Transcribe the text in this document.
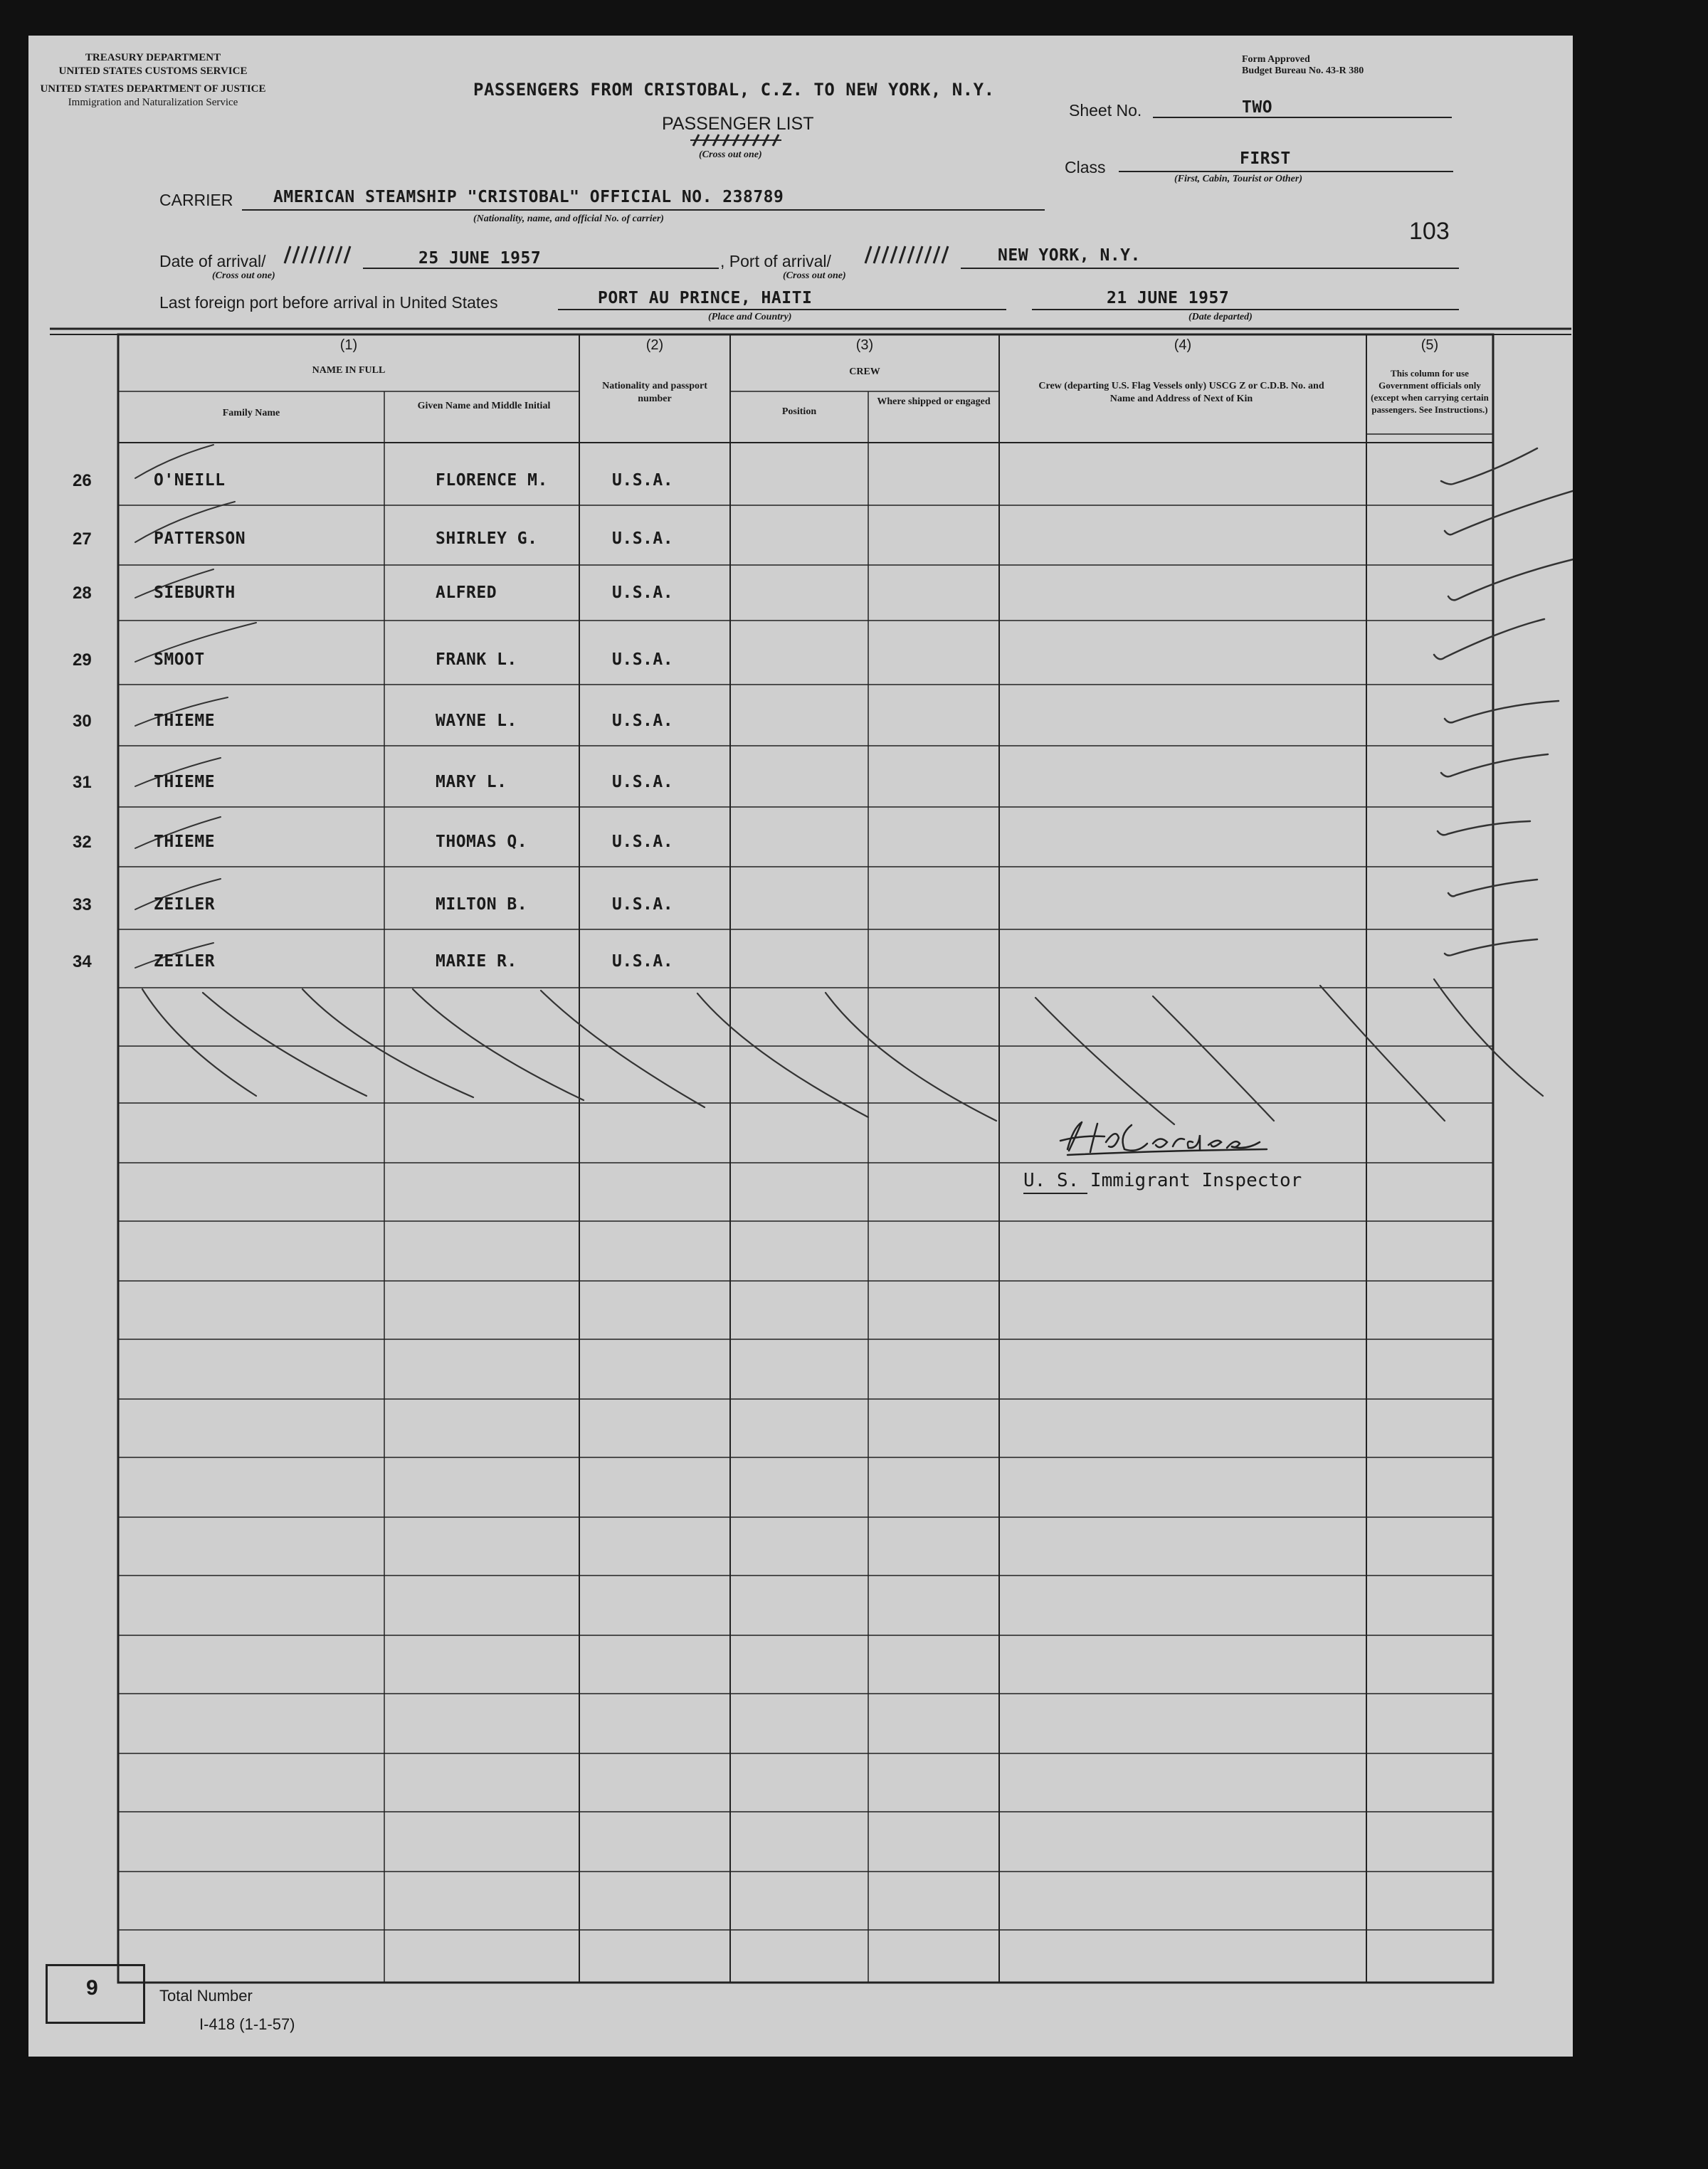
TREASURY DEPARTMENT
UNITED STATES CUSTOMS SERVICE
UNITED STATES DEPARTMENT OF JUSTICE
Immigration and Naturalization Service
PASSENGERS FROM CRISTOBAL, C.Z. TO NEW YORK, N.Y.
Form Approved
Budget Bureau No. 43-R 380
PASSENGER LIST
(Cross out one)
Sheet No.	TWO
Class	FIRST
(First, Cabin, Tourist or Other)
CARRIER AMERICAN STEAMSHIP "CRISTOBAL" OFFICIAL NO. 238789
(Nationality, name, and official No. of carrier)	103
Date of arrival/	25 JUNE 1957
(Cross out one)
, Port of arrival/	NEW YORK, N.Y.
(Cross out one)
Last foreign port before arrival in United States	PORT AU PRINCE, HAITI
(Place and Country)
21 JUNE 1957
(Date departed)
(1)
NAME IN FULL
Family Name
Given Name and Middle Initial
(2)
Nationality and passport number
(3)
CREW
Position
Where shipped or engaged
(4)
Crew (departing U.S. Flag Vessels only) USCG Z or C.D.B. No. and Name and Address of Next of Kin
(5)
This column for use Government officials only (except when carrying certain passengers. See Instructions.)
26	O'NEILL	FLORENCE M.	U.S.A.
27	PATTERSON	SHIRLEY G.	U.S.A.
28	SIEBURTH	ALFRED	U.S.A.
29	SMOOT	FRANK L.	U.S.A.
30	THIEME	WAYNE L.	U.S.A.
31	THIEME	MARY L.	U.S.A.
32	THIEME	THOMAS Q.	U.S.A.
33	ZEILER	MILTON B.	U.S.A.
34	ZEILER	MARIE R.	U.S.A.
U. S. Immigrant Inspector
9	Total Number
I-418 (1-1-57)
